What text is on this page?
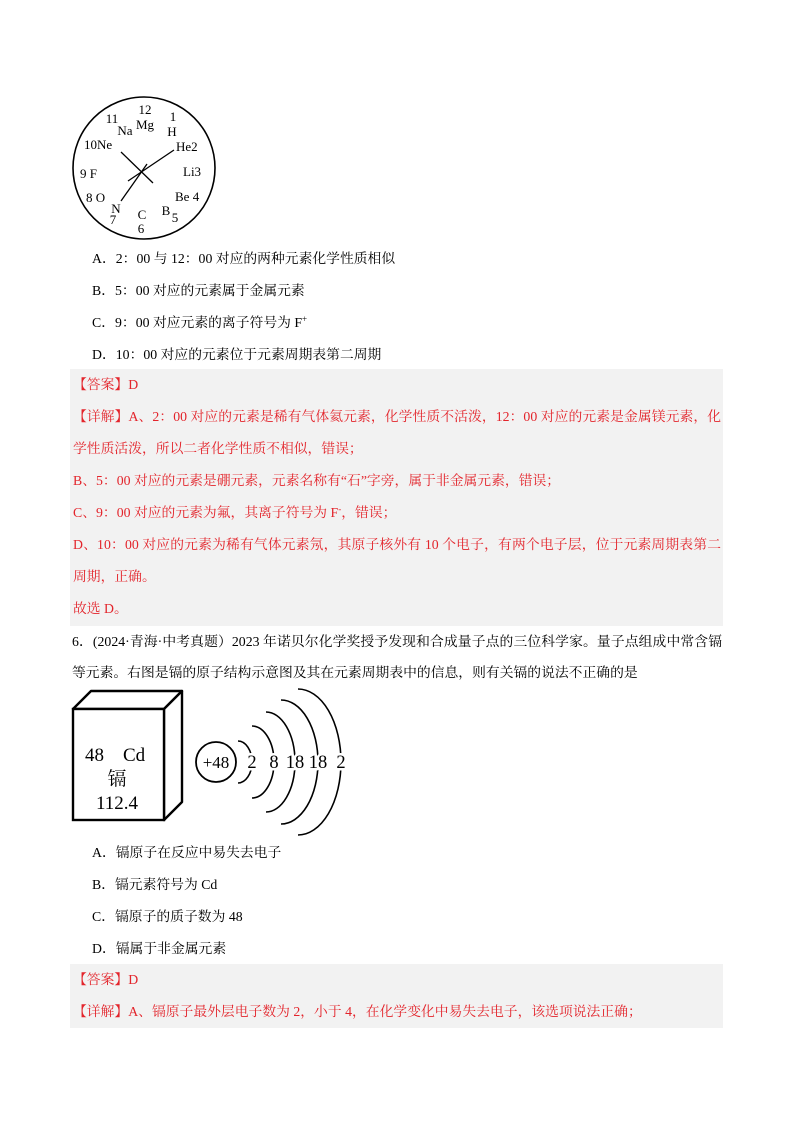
12
Mg
1
H
11
Na
10Ne	He2
Li3
9 F
Be 4
8 O
N
7 C
6
B 5
A．2：00 与 12：00 对应的两种元素化学性质相似
B．5：00 对应的元素属于金属元素
C．9：00 对应元素的离子符号为 F+
D．10：00 对应的元素位于元素周期表第二周期
【答案】D
【详解】A、2：00 对应的元素是稀有气体氦元素，化学性质不活泼，12：00 对应的元素是金属镁元素，化
学性质活泼，所以二者化学性质不相似，错误；
B、5：00 对应的元素是硼元素，元素名称有“石”字旁，属于非金属元素，错误；
C、9：00 对应的元素为氟，其离子符号为 F-，错误；
D、10：00 对应的元素为稀有气体元素氖，其原子核外有 10 个电子，有两个电子层，位于元素周期表第二
周期，正确。
故选 D。
6．(2024·青海·中考真题）2023 年诺贝尔化学奖授予发现和合成量子点的三位科学家。量子点组成中常含镉
等元素。右图是镉的原子结构示意图及其在元素周期表中的信息，则有关镉的说法不正确的是
48 Cd
镉
112.4
+48 2 8 18 18 2
A．镉原子在反应中易失去电子
B．镉元素符号为 Cd
C．镉原子的质子数为 48
D．镉属于非金属元素
【答案】D
【详解】A、镉原子最外层电子数为 2，小于 4，在化学变化中易失去电子，该选项说法正确；
